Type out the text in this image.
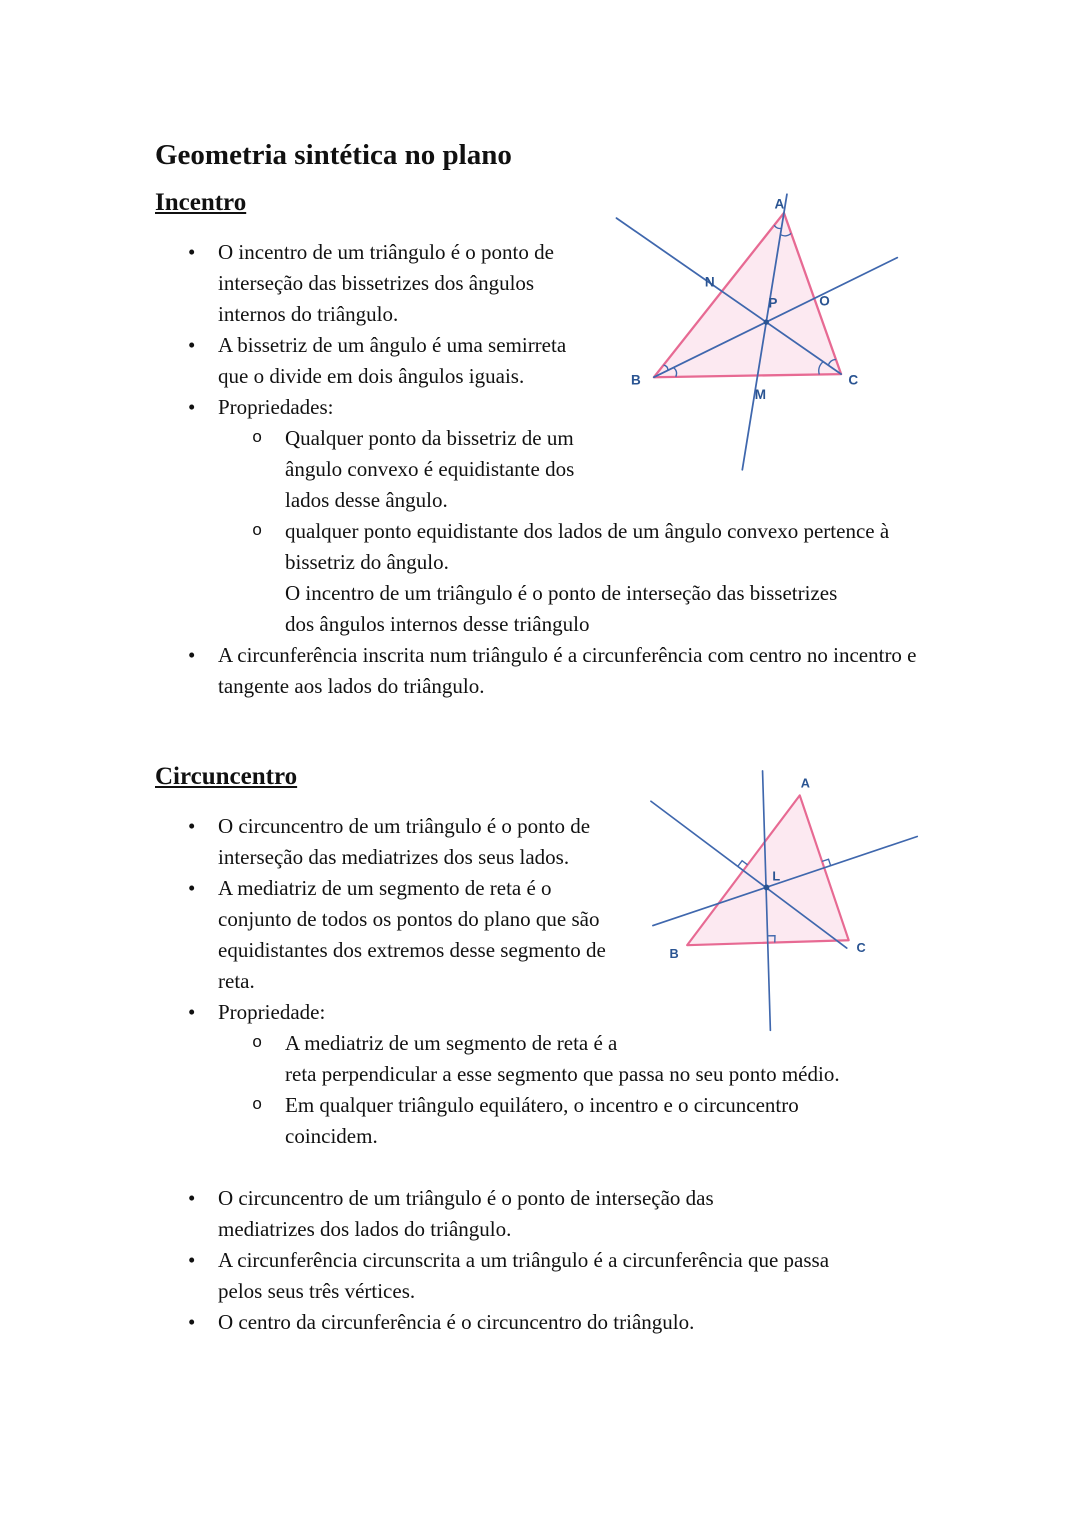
Geometria sintética no plano
A
N
P	O
B
M
C
Incentro
• O incentro de um triângulo é o ponto de interseção das bissetrizes dos ângulos internos do triângulo.
• A bissetriz de um ângulo é uma semirreta que o divide em dois ângulos iguais.
• Propriedades:
o Qualquer ponto da bissetriz de um ângulo convexo é equidistante dos lados desse ângulo.
o qualquer ponto equidistante dos lados de um ângulo convexo pertence à bissetriz do ângulo.
O incentro de um triângulo é o ponto de interseção das bissetrizes dos ângulos internos desse triângulo
• A circunferência inscrita num triângulo é a circunferência com centro no incentro e tangente aos lados do triângulo.
A
L
B	C
Circuncentro
• O circuncentro de um triângulo é o ponto de interseção das mediatrizes dos seus lados.
• A mediatriz de um segmento de reta é o conjunto de todos os pontos do plano que são equidistantes dos extremos desse segmento de reta.
• Propriedade:
o A mediatriz de um segmento de reta é a reta perpendicular a esse segmento que passa no seu ponto médio.
o Em qualquer triângulo equilátero, o incentro e o circuncentro coincidem.
• O circuncentro de um triângulo é o ponto de interseção das mediatrizes dos lados do triângulo.
• A circunferência circunscrita a um triângulo é a circunferência que passa pelos seus três vértices.
• O centro da circunferência é o circuncentro do triângulo.
